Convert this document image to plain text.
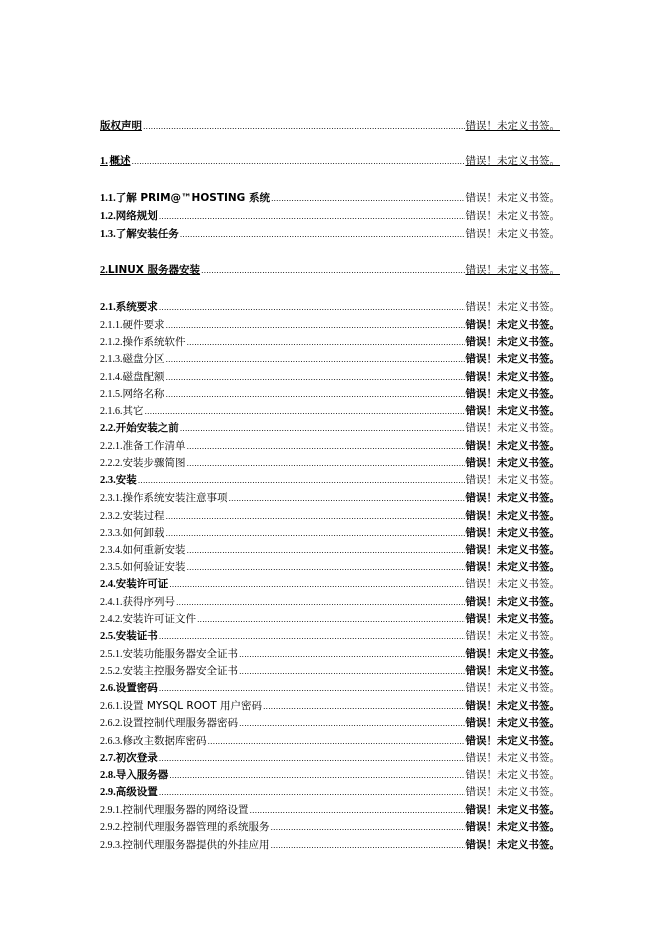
版权声明 .....	错误！未定义书签。
1. 概述 .....	错误！未定义书签。
1.1. 了解 PRIM@™HOSTING 系统 .....	错误！未定义书签。
1.2. 网络规划 .....	错误！未定义书签。
1.3. 了解安装任务 .....	错误！未定义书签。
2. LINUX 服务器安装 .....	错误！未定义书签。
2.1. 系统要求 .....	错误！未定义书签。
2.1.1. 硬件要求 .....	错误！未定义书签。
2.1.2. 操作系统软件 .....	错误！未定义书签。
2.1.3. 磁盘分区 .....	错误！未定义书签。
2.1.4. 磁盘配额 .....	错误！未定义书签。
2.1.5. 网络名称 .....	错误！未定义书签。
2.1.6. 其它 .....	错误！未定义书签。
2.2. 开始安装之前 .....	错误！未定义书签。
2.2.1. 准备工作清单 .....	错误！未定义书签。
2.2.2. 安装步骤简图 .....	错误！未定义书签。
2.3. 安装 .....	错误！未定义书签。
2.3.1. 操作系统安装注意事项 .....	错误！未定义书签。
2.3.2. 安装过程 .....	错误！未定义书签。
2.3.3. 如何卸载 .....	错误！未定义书签。
2.3.4. 如何重新安装 .....	错误！未定义书签。
2.3.5. 如何验证安装 .....	错误！未定义书签。
2.4. 安装许可证 .....	错误！未定义书签。
2.4.1. 获得序列号 .....	错误！未定义书签。
2.4.2. 安装许可证文件 .....	错误！未定义书签。
2.5. 安装证书 .....	错误！未定义书签。
2.5.1. 安装功能服务器安全证书 .....	错误！未定义书签。
2.5.2. 安装主控服务器安全证书 .....	错误！未定义书签。
2.6. 设置密码 .....	错误！未定义书签。
2.6.1. 设置 MYSQL ROOT 用户密码 .....	错误！未定义书签。
2.6.2. 设置控制代理服务器密码 .....	错误！未定义书签。
2.6.3. 修改主数据库密码 .....	错误！未定义书签。
2.7. 初次登录 .....	错误！未定义书签。
2.8. 导入服务器 .....	错误！未定义书签。
2.9. 高级设置 .....	错误！未定义书签。
2.9.1. 控制代理服务器的网络设置 .....	错误！未定义书签。
2.9.2. 控制代理服务器管理的系统服务 .....	错误！未定义书签。
2.9.3. 控制代理服务器提供的外挂应用 .....	错误！未定义书签。
